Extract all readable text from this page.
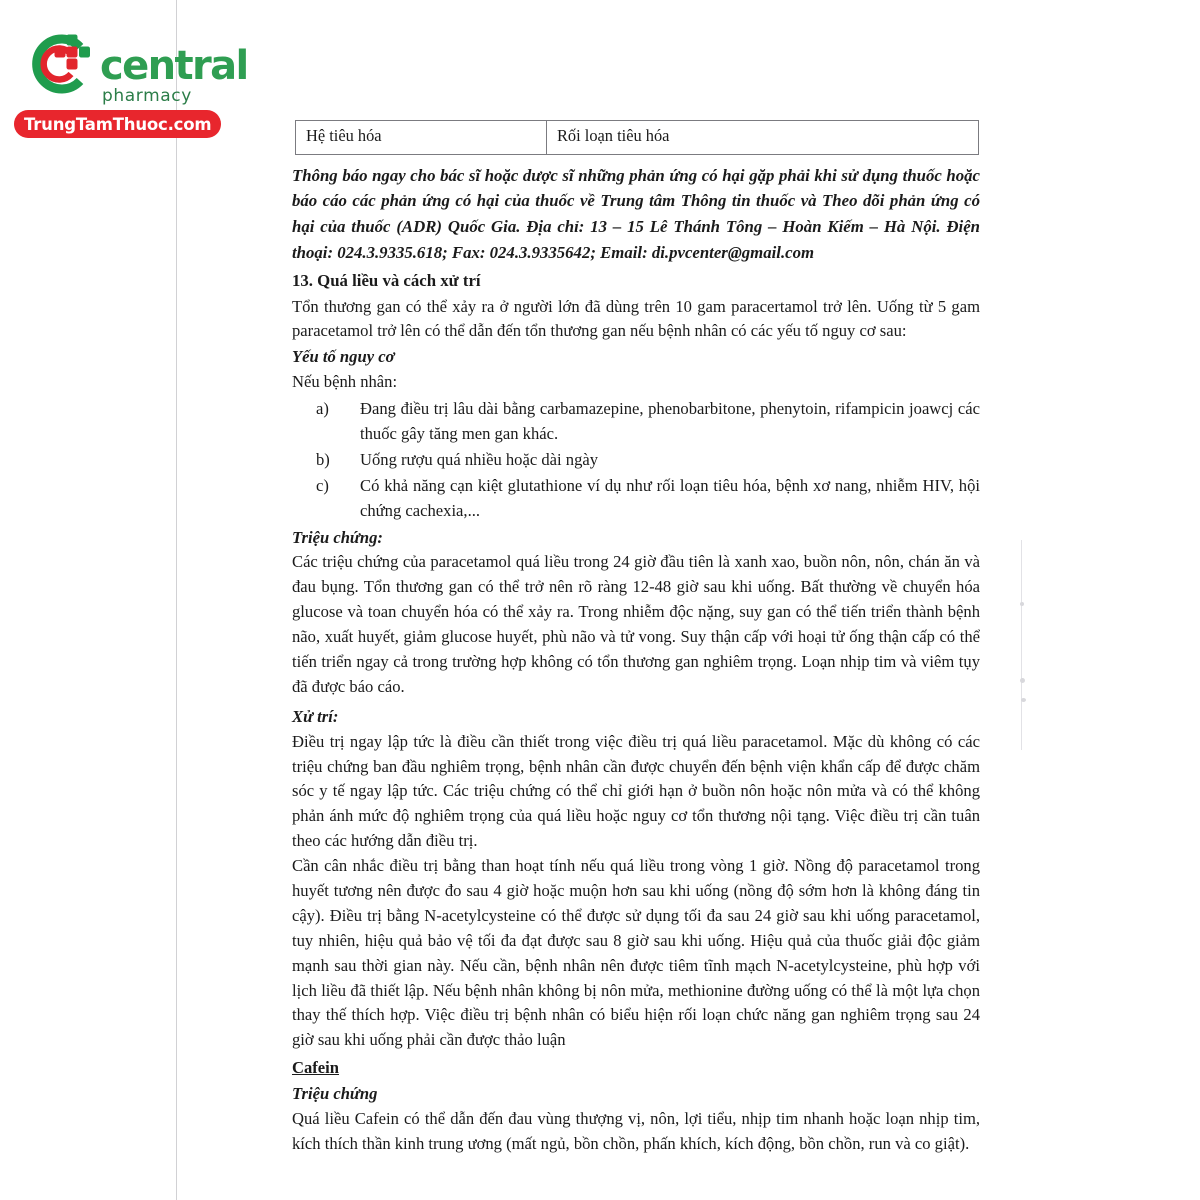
central
pharmacy
TrungTamThuoc.com
Hệ tiêu hóa	Rối loạn tiêu hóa

Thông báo ngay cho bác sĩ hoặc dược sĩ những phản ứng có hại gặp phải khi sử dụng thuốc hoặc báo cáo các phản ứng có hại của thuốc về Trung tâm Thông tin thuốc và Theo dõi phản ứng có hại của thuốc (ADR) Quốc Gia. Địa chỉ: 13 – 15 Lê Thánh Tông – Hoàn Kiếm – Hà Nội. Điện thoại: 024.3.9335.618; Fax: 024.3.9335642; Email: di.pvcenter@gmail.com

13. Quá liều và cách xử trí

Tổn thương gan có thể xảy ra ở người lớn đã dùng trên 10 gam paracertamol trở lên. Uống từ 5 gam paracetamol trở lên có thể dẫn đến tổn thương gan nếu bệnh nhân có các yếu tố nguy cơ sau:

Yếu tố nguy cơ

Nếu bệnh nhân:

a)	Đang điều trị lâu dài bằng carbamazepine, phenobarbitone, phenytoin, rifampicin joawcj các thuốc gây tăng men gan khác.
b)	Uống rượu quá nhiều hoặc dài ngày
c)	Có khả năng cạn kiệt glutathione ví dụ như rối loạn tiêu hóa, bệnh xơ nang, nhiễm HIV, hội chứng cachexia,...

Triệu chứng:

Các triệu chứng của paracetamol quá liều trong 24 giờ đầu tiên là xanh xao, buồn nôn, nôn, chán ăn và đau bụng. Tổn thương gan có thể trở nên rõ ràng 12-48 giờ sau khi uống. Bất thường về chuyển hóa glucose và toan chuyển hóa có thể xảy ra. Trong nhiễm độc nặng, suy gan có thể tiến triển thành bệnh não, xuất huyết, giảm glucose huyết, phù não và tử vong. Suy thận cấp với hoại tử ống thận cấp có thể tiến triển ngay cả trong trường hợp không có tổn thương gan nghiêm trọng. Loạn nhịp tim và viêm tụy đã được báo cáo.

Xử trí:

Điều trị ngay lập tức là điều cần thiết trong việc điều trị quá liều paracetamol. Mặc dù không có các triệu chứng ban đầu nghiêm trọng, bệnh nhân cần được chuyển đến bệnh viện khẩn cấp để được chăm sóc y tế ngay lập tức. Các triệu chứng có thể chỉ giới hạn ở buồn nôn hoặc nôn mửa và có thể không phản ánh mức độ nghiêm trọng của quá liều hoặc nguy cơ tổn thương nội tạng. Việc điều trị cần tuân theo các hướng dẫn điều trị.

Cần cân nhắc điều trị bằng than hoạt tính nếu quá liều trong vòng 1 giờ. Nồng độ paracetamol trong huyết tương nên được đo sau 4 giờ hoặc muộn hơn sau khi uống (nồng độ sớm hơn là không đáng tin cậy). Điều trị bằng N-acetylcysteine có thể được sử dụng tối đa sau 24 giờ sau khi uống paracetamol, tuy nhiên, hiệu quả bảo vệ tối đa đạt được sau 8 giờ sau khi uống. Hiệu quả của thuốc giải độc giảm mạnh sau thời gian này. Nếu cần, bệnh nhân nên được tiêm tĩnh mạch N-acetylcysteine, phù hợp với lịch liều đã thiết lập. Nếu bệnh nhân không bị nôn mửa, methionine đường uống có thể là một lựa chọn thay thế thích hợp. Việc điều trị bệnh nhân có biểu hiện rối loạn chức năng gan nghiêm trọng sau 24 giờ sau khi uống phải cần được thảo luận

Cafein

Triệu chứng

Quá liều Cafein có thể dẫn đến đau vùng thượng vị, nôn, lợi tiểu, nhịp tim nhanh hoặc loạn nhịp tim, kích thích thần kinh trung ương (mất ngủ, bồn chồn, phấn khích, kích động, bồn chồn, run và co giật).
